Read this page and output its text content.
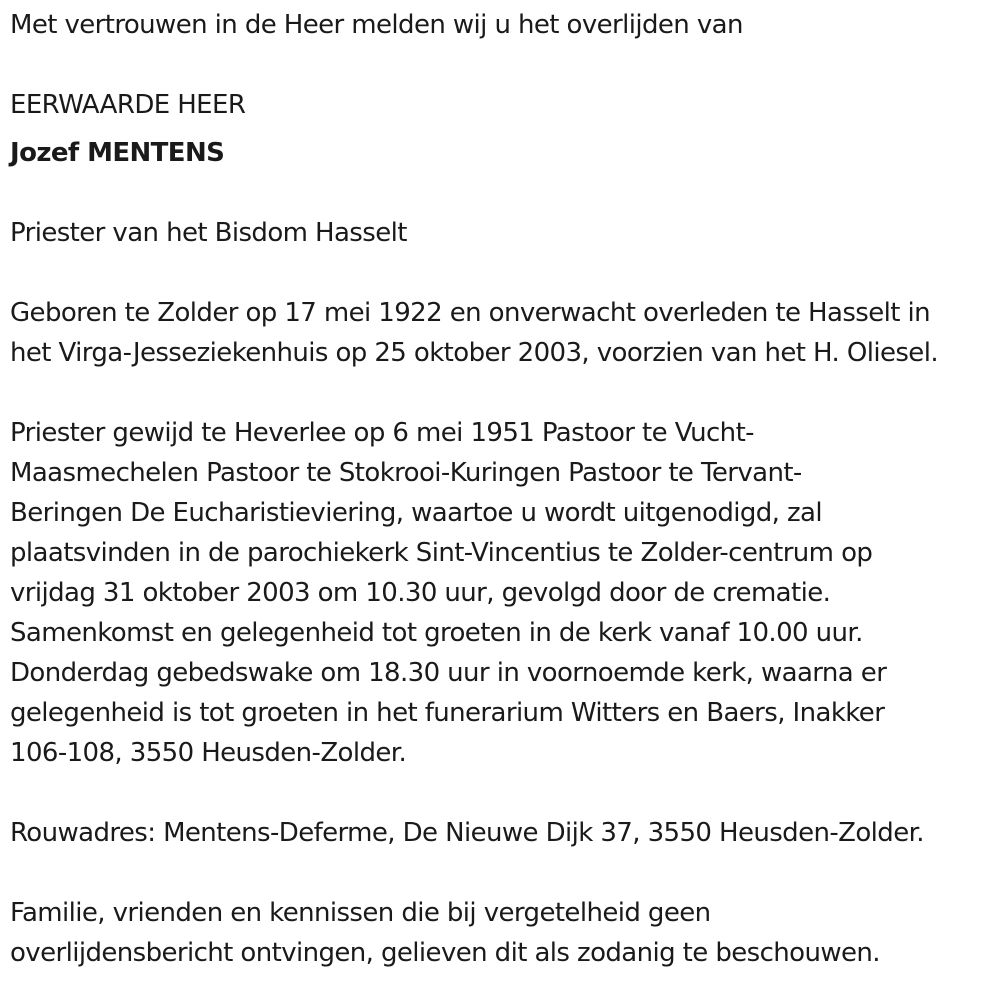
Met vertrouwen in de Heer melden wij u het overlijden van
EERWAARDE HEER
Jozef MENTENS
Priester van het Bisdom Hasselt
Geboren te Zolder op 17 mei 1922 en onverwacht overleden te Hasselt in
het Virga-Jesseziekenhuis op 25 oktober 2003, voorzien van het H. Oliesel.
Priester gewijd te Heverlee op 6 mei 1951 Pastoor te Vucht-
Maasmechelen Pastoor te Stokrooi-Kuringen Pastoor te Tervant-
Beringen De Eucharistieviering, waartoe u wordt uitgenodigd, zal
plaatsvinden in de parochiekerk Sint-Vincentius te Zolder-centrum op
vrijdag 31 oktober 2003 om 10.30 uur, gevolgd door de crematie.
Samenkomst en gelegenheid tot groeten in de kerk vanaf 10.00 uur.
Donderdag gebedswake om 18.30 uur in voornoemde kerk, waarna er
gelegenheid is tot groeten in het funerarium Witters en Baers, Inakker
106-108, 3550 Heusden-Zolder.
Rouwadres: Mentens-Deferme, De Nieuwe Dijk 37, 3550 Heusden-Zolder.
Familie, vrienden en kennissen die bij vergetelheid geen
overlijdensbericht ontvingen, gelieven dit als zodanig te beschouwen.
